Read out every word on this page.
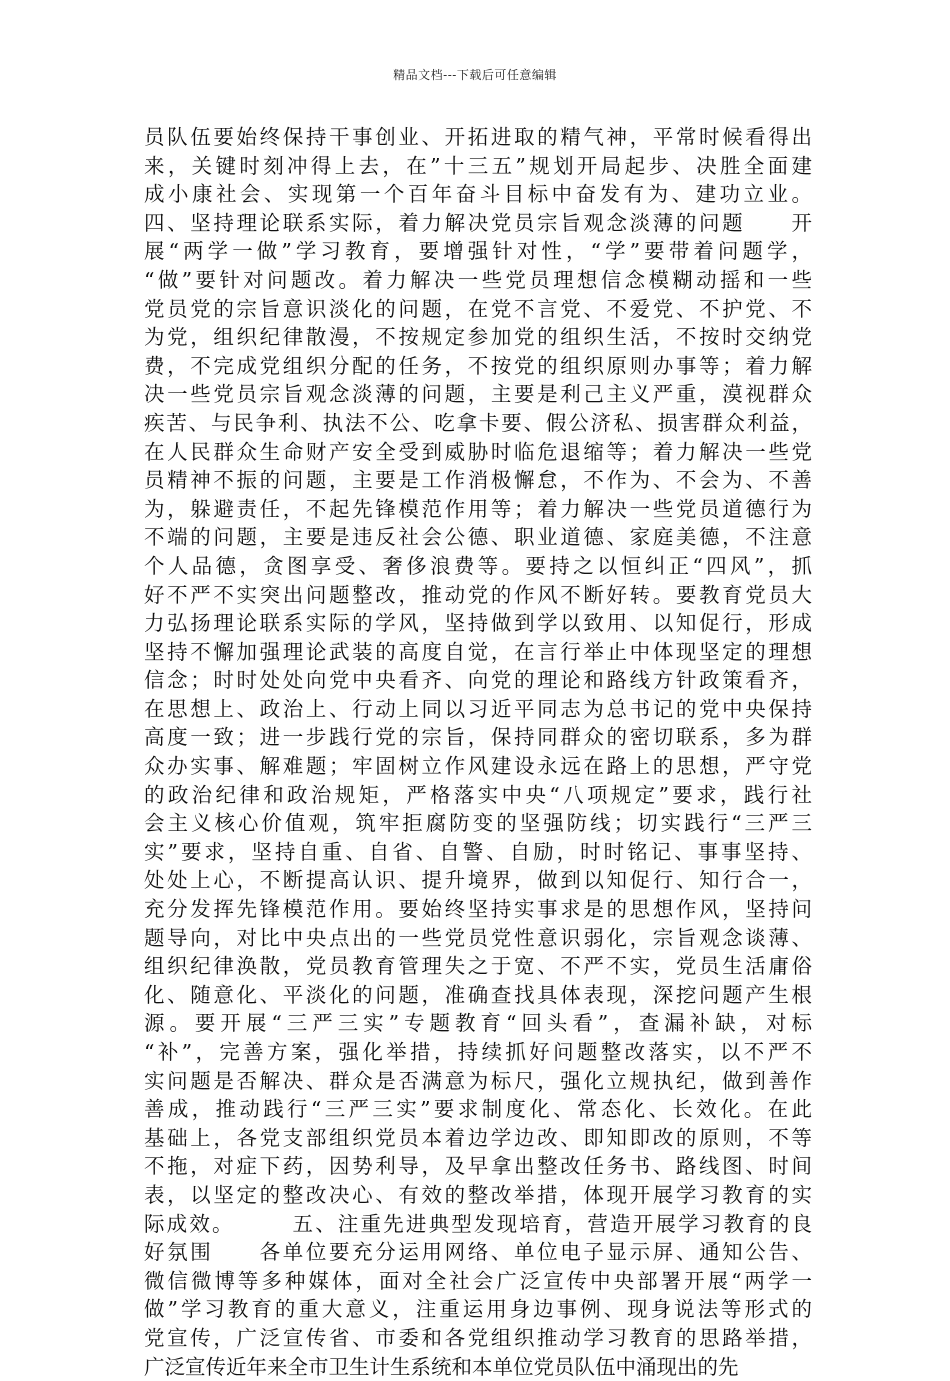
精品文档---下载后可任意编辑
员队伍要始终保持干事创业、开拓进取的精气神，平常时候看得出
来，关键时刻冲得上去，在”十三五”规划开局起步、决胜全面建
成小康社会、实现第一个百年奋斗目标中奋发有为、建功立业。
四、坚持理论联系实际，着力解决党员宗旨观念淡薄的问题　　开
展“两学一做”学习教育，要增强针对性，“学”要带着问题学，
“做”要针对问题改。着力解决一些党员理想信念模糊动摇和一些
党员党的宗旨意识淡化的问题，在党不言党、不爱党、不护党、不
为党，组织纪律散漫，不按规定参加党的组织生活，不按时交纳党
费，不完成党组织分配的任务，不按党的组织原则办事等；着力解
决一些党员宗旨观念淡薄的问题，主要是利己主义严重，漠视群众
疾苦、与民争利、执法不公、吃拿卡要、假公济私、损害群众利益，
在人民群众生命财产安全受到威胁时临危退缩等；着力解决一些党
员精神不振的问题，主要是工作消极懈怠，不作为、不会为、不善
为，躲避责任，不起先锋模范作用等；着力解决一些党员道德行为
不端的问题，主要是违反社会公德、职业道德、家庭美德，不注意
个人品德，贪图享受、奢侈浪费等。要持之以恒纠正“四风”，抓
好不严不实突出问题整改，推动党的作风不断好转。要教育党员大
力弘扬理论联系实际的学风，坚持做到学以致用、以知促行，形成
坚持不懈加强理论武装的高度自觉，在言行举止中体现坚定的理想
信念；时时处处向党中央看齐、向党的理论和路线方针政策看齐，
在思想上、政治上、行动上同以习近平同志为总书记的党中央保持
高度一致；进一步践行党的宗旨，保持同群众的密切联系，多为群
众办实事、解难题；牢固树立作风建设永远在路上的思想，严守党
的政治纪律和政治规矩，严格落实中央“八项规定”要求，践行社
会主义核心价值观，筑牢拒腐防变的坚强防线；切实践行“三严三
实”要求，坚持自重、自省、自警、自励，时时铭记、事事坚持、
处处上心，不断提高认识、提升境界，做到以知促行、知行合一，
充分发挥先锋模范作用。要始终坚持实事求是的思想作风，坚持问
题导向，对比中央点出的一些党员党性意识弱化，宗旨观念谈薄、
组织纪律涣散，党员教育管理失之于宽、不严不实，党员生活庸俗
化、随意化、平淡化的问题，准确查找具体表现，深挖问题产生根
源。要开展“三严三实”专题教育“回头看”，查漏补缺，对标
“补”，完善方案，强化举措，持续抓好问题整改落实，以不严不
实问题是否解决、群众是否满意为标尺，强化立规执纪，做到善作
善成，推动践行“三严三实”要求制度化、常态化、长效化。在此
基础上，各党支部组织党员本着边学边改、即知即改的原则，不等
不拖，对症下药，因势利导，及早拿出整改任务书、路线图、时间
表，以坚定的整改决心、有效的整改举措，体现开展学习教育的实
际成效。　　　五、注重先进典型发现培育，营造开展学习教育的良
好氛围　　各单位要充分运用网络、单位电子显示屏、通知公告、
微信微博等多种媒体，面对全社会广泛宣传中央部署开展“两学一
做”学习教育的重大意义，注重运用身边事例、现身说法等形式的
党宣传，广泛宣传省、市委和各党组织推动学习教育的思路举措，
广泛宣传近年来全市卫生计生系统和本单位党员队伍中涌现出的先
